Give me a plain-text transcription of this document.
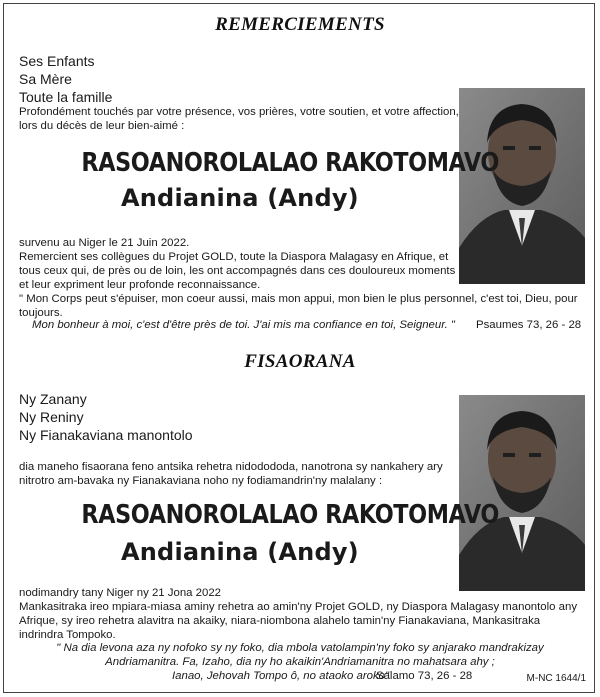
REMERCIEMENTS
Ses Enfants
Sa Mère
Toute la famille
Profondément touchés par votre présence, vos prières, votre soutien, et votre affection, lors du décès de leur bien-aimé :
RASOANOROLALAO RAKOTOMAVO
Andianina (Andy)
survenu au Niger le 21 Juin 2022.
Remercient ses collègues du Projet GOLD, toute la Diaspora Malagasy en Afrique, et tous ceux qui, de près ou de loin, les ont accompagnés dans ces douloureux moments et leur expriment leur profonde reconnaissance.
" Mon Corps peut s'épuiser, mon coeur aussi, mais mon appui, mon bien le plus personnel, c'est toi, Dieu, pour toujours.
Mon bonheur à moi, c'est d'être près de toi. J'ai mis ma confiance en toi, Seigneur. "	Psaumes 73, 26 - 28
FISAORANA
Ny Zanany
Ny Reniny
Ny Fianakaviana manontolo
dia maneho fisaorana feno antsika rehetra nidodododa, nanotrona sy nankahery ary nitrotro am-bavaka ny Fianakaviana noho ny fodiamandrin'ny malalany :
RASOANOROLALAO RAKOTOMAVO
Andianina (Andy)
nodimandry tany Niger ny 21 Jona 2022
Mankasitraka ireo mpiara-miasa aminy rehetra ao amin'ny Projet GOLD, ny Diaspora Malagasy manontolo any Afrique, sy ireo rehetra alavitra na akaiky, niara-niombona alahelo tamin'ny Fianakaviana, Mankasitraka indrindra Tompoko.
" Na dia levona aza ny nofoko sy ny foko, dia mbola vatolampin'ny foko sy anjarako mandrakizay
Andriamanitra. Fa, Izaho, dia ny ho akaikin'Andriamanitra no mahatsara ahy ;
Ianao, Jehovah Tompo ô, no ataoko aroko"
Salamo 73, 26 - 28	M-NC 1644/1
